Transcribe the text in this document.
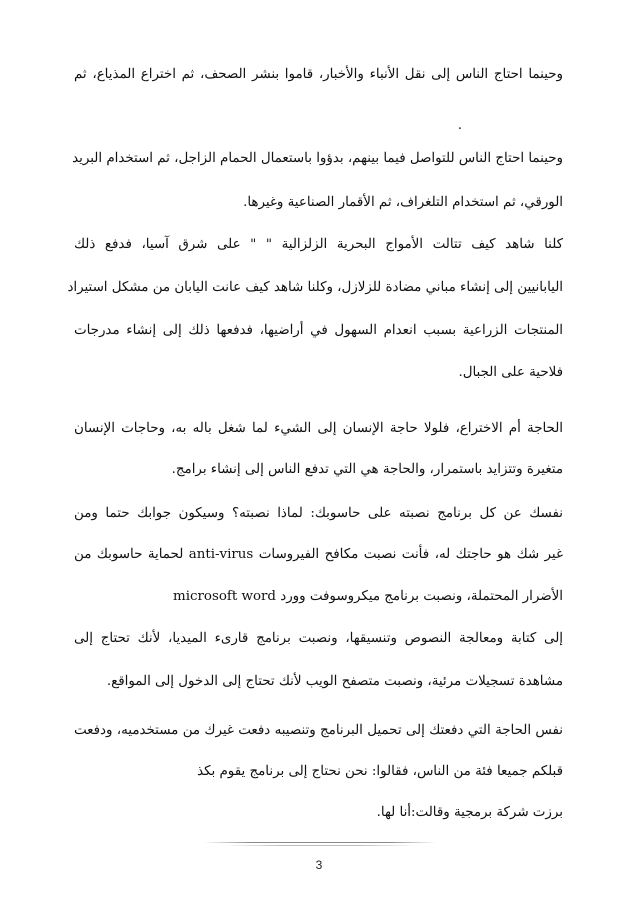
وحينما احتاج الناس إلى نقل الأنباء والأخبار، قاموا بنشر الصحف، ثم اختراع المذياع، ثم
.
وحينما احتاج الناس للتواصل فيما بينهم، بدؤوا باستعمال الحمام الزاجل، ثم استخدام البريد
الورقي، ثم استخدام التلغراف، ثم الأقمار الصناعية وغيرها.
كلنا شاهد كيف تتالت الأمواج البحرية الزلزالية " " على شرق آسيا، فدفع ذلك
اليابانيين إلى إنشاء مباني مضادة للزلازل، وكلنا شاهد كيف عانت اليابان من مشكل استيراد
المنتجات الزراعية بسبب انعدام السهول في أراضيها، فدفعها ذلك إلى إنشاء مدرجات
فلاحية على الجبال.
الحاجة أم الاختراع، فلولا حاجة الإنسان إلى الشيء لما شغل باله به، وحاجات الإنسان
متغيرة وتتزايد باستمرار، والحاجة هي التي تدفع الناس إلى إنشاء برامج.
نفسك عن كل برنامج نصبته على حاسوبك: لماذا نصبته؟ وسيكون جوابك حتما ومن
غير شك هو حاجتك له، فأنت نصبت مكافح الفيروسات anti-virus لحماية حاسوبك من
الأضرار المحتملة، ونصبت برنامج ميكروسوفت وورد microsoft word
إلى كتابة ومعالجة النصوص وتنسيقها، ونصبت برنامج قارىء الميديا، لأنك تحتاج إلى
مشاهدة تسجيلات مرئية، ونصبت متصفح الويب لأنك تحتاج إلى الدخول إلى المواقع.
نفس الحاجة التي دفعتك إلى تحميل البرنامج وتنصيبه دفعت غيرك من مستخدميه، ودفعت
قبلكم جميعا فئة من الناس، فقالوا: نحن نحتاج إلى برنامج يقوم بكذ
برزت شركة برمجية وقالت:أنا لها.
3
